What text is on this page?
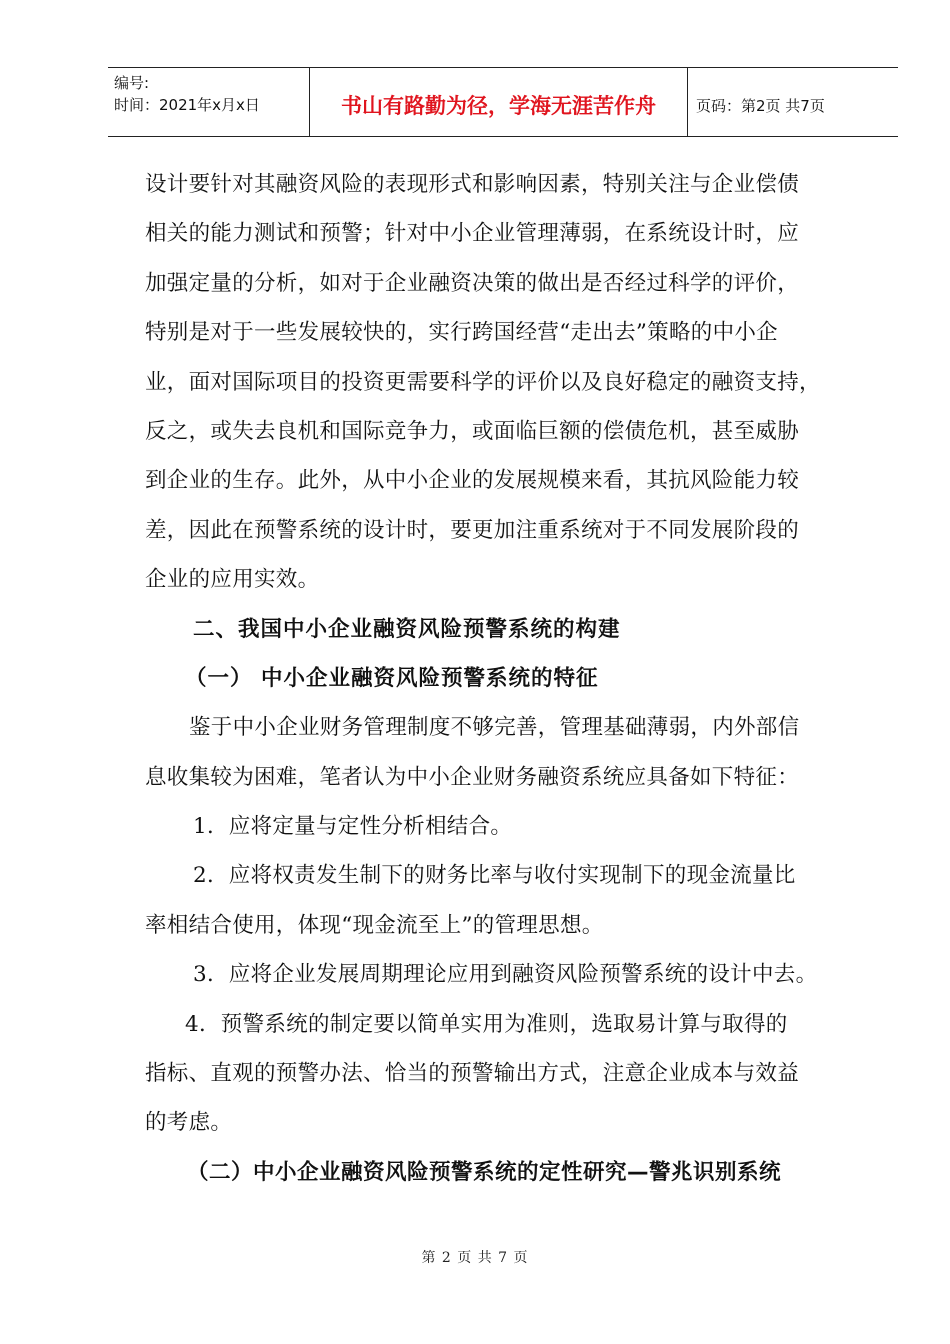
编号:
时间：2021年x月x日	书山有路勤为径，学海无涯苦作舟	页码：第2页 共7页
设计要针对其融资风险的表现形式和影响因素，特别关注与企业偿债
相关的能力测试和预警；针对中小企业管理薄弱，在系统设计时，应
加强定量的分析，如对于企业融资决策的做出是否经过科学的评价，
特别是对于一些发展较快的，实行跨国经营“走出去”策略的中小企
业，面对国际项目的投资更需要科学的评价以及良好稳定的融资支持，
反之，或失去良机和国际竞争力，或面临巨额的偿债危机，甚至威胁
到企业的生存。此外，从中小企业的发展规模来看，其抗风险能力较
差，因此在预警系统的设计时，要更加注重系统对于不同发展阶段的
企业的应用实效。
二、我国中小企业融资风险预警系统的构建
（一） 中小企业融资风险预警系统的特征
鉴于中小企业财务管理制度不够完善，管理基础薄弱，内外部信
息收集较为困难，笔者认为中小企业财务融资系统应具备如下特征：
1．应将定量与定性分析相结合。
2．应将权责发生制下的财务比率与收付实现制下的现金流量比
率相结合使用，体现“现金流至上”的管理思想。
3．应将企业发展周期理论应用到融资风险预警系统的设计中去。
4．预警系统的制定要以简单实用为准则，选取易计算与取得的
指标、直观的预警办法、恰当的预警输出方式，注意企业成本与效益
的考虑。
（二）中小企业融资风险预警系统的定性研究—警兆识别系统
第 2 页 共 7 页
